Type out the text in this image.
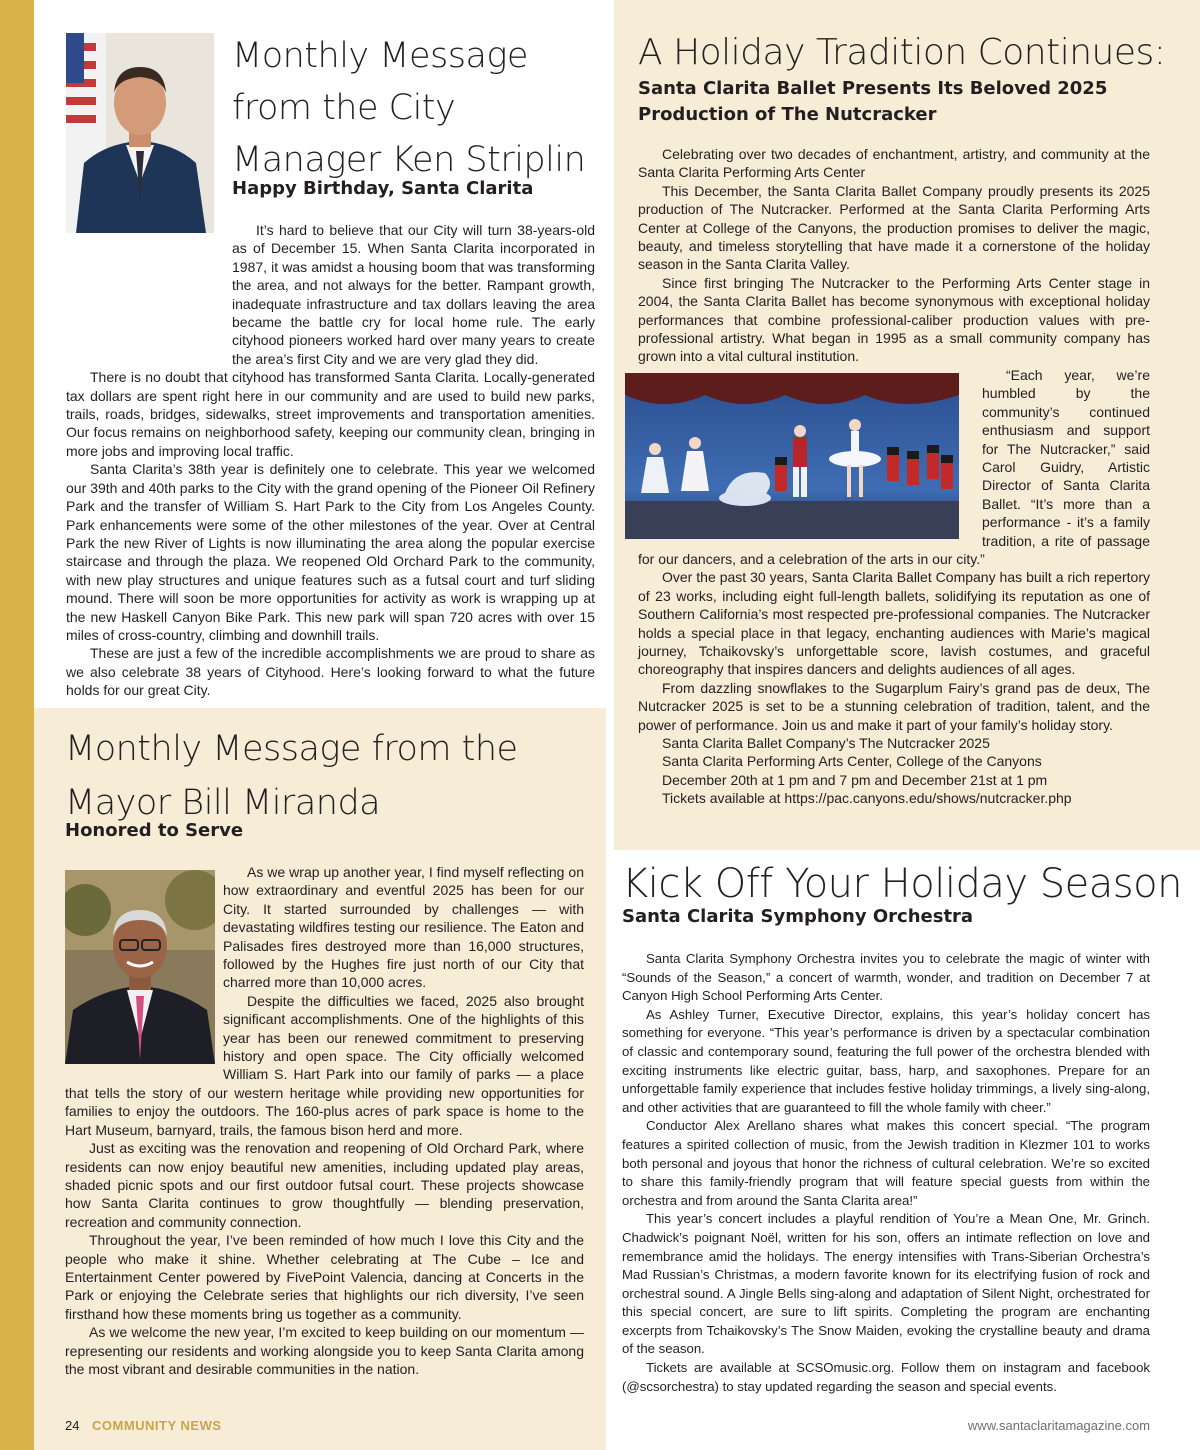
Monthly Message from the City Manager Ken Striplin
Happy Birthday, Santa Clarita

It’s hard to believe that our City will turn 38-years-old as of December 15. When Santa Clarita incorporated in 1987, it was amidst a housing boom that was transforming the area, and not always for the better. Rampant growth, inadequate infrastructure and tax dollars leaving the area became the battle cry for local home rule. The early cityhood pioneers worked hard over many years to create the area’s first City and we are very glad they did.

There is no doubt that cityhood has transformed Santa Clarita. Locally-generated tax dollars are spent right here in our community and are used to build new parks, trails, roads, bridges, sidewalks, street improvements and transportation amenities. Our focus remains on neighborhood safety, keeping our community clean, bringing in more jobs and improving local traffic.

Santa Clarita’s 38th year is definitely one to celebrate. This year we welcomed our 39th and 40th parks to the City with the grand opening of the Pioneer Oil Refinery Park and the transfer of William S. Hart Park to the City from Los Angeles County. Park enhancements were some of the other milestones of the year. Over at Central Park the new River of Lights is now illuminating the area along the popular exercise staircase and through the plaza. We reopened Old Orchard Park to the community, with new play structures and unique features such as a futsal court and turf sliding mound. There will soon be more opportunities for activity as work is wrapping up at the new Haskell Canyon Bike Park. This new park will span 720 acres with over 15 miles of cross-country, climbing and downhill trails.

These are just a few of the incredible accomplishments we are proud to share as we also celebrate 38 years of Cityhood. Here’s looking forward to what the future holds for our great City.

Monthly Message from the Mayor Bill Miranda
Honored to Serve

As we wrap up another year, I find myself reflecting on how extraordinary and eventful 2025 has been for our City. It started surrounded by challenges — with devastating wildfires testing our resilience. The Eaton and Palisades fires destroyed more than 16,000 structures, followed by the Hughes fire just north of our City that charred more than 10,000 acres.

Despite the difficulties we faced, 2025 also brought significant accomplishments. One of the highlights of this year has been our renewed commitment to preserving history and open space. The City officially welcomed William S. Hart Park into our family of parks — a place that tells the story of our western heritage while providing new opportunities for families to enjoy the outdoors. The 160-plus acres of park space is home to the Hart Museum, barnyard, trails, the famous bison herd and more.

Just as exciting was the renovation and reopening of Old Orchard Park, where residents can now enjoy beautiful new amenities, including updated play areas, shaded picnic spots and our first outdoor futsal court. These projects showcase how Santa Clarita continues to grow thoughtfully — blending preservation, recreation and community connection.

Throughout the year, I’ve been reminded of how much I love this City and the people who make it shine. Whether celebrating at The Cube – Ice and Entertainment Center powered by FivePoint Valencia, dancing at Concerts in the Park or enjoying the Celebrate series that highlights our rich diversity, I’ve seen firsthand how these moments bring us together as a community.

As we welcome the new year, I’m excited to keep building on our momentum — representing our residents and working alongside you to keep Santa Clarita among the most vibrant and desirable communities in the nation.

A Holiday Tradition Continues:
Santa Clarita Ballet Presents Its Beloved 2025 Production of The Nutcracker

Celebrating over two decades of enchantment, artistry, and community at the Santa Clarita Performing Arts Center

This December, the Santa Clarita Ballet Company proudly presents its 2025 production of The Nutcracker. Performed at the Santa Clarita Performing Arts Center at College of the Canyons, the production promises to deliver the magic, beauty, and timeless storytelling that have made it a cornerstone of the holiday season in the Santa Clarita Valley.

Since first bringing The Nutcracker to the Performing Arts Center stage in 2004, the Santa Clarita Ballet has become synonymous with exceptional holiday performances that combine professional-caliber production values with pre-professional artistry. What began in 1995 as a small community company has grown into a vital cultural institution.

“Each year, we’re humbled by the community’s continued enthusiasm and support for The Nutcracker,” said Carol Guidry, Artistic Director of Santa Clarita Ballet. “It’s more than a performance - it’s a family tradition, a rite of passage for our dancers, and a celebration of the arts in our city.”

Over the past 30 years, Santa Clarita Ballet Company has built a rich repertory of 23 works, including eight full-length ballets, solidifying its reputation as one of Southern California’s most respected pre-professional companies. The Nutcracker holds a special place in that legacy, enchanting audiences with Marie’s magical journey, Tchaikovsky’s unforgettable score, lavish costumes, and graceful choreography that inspires dancers and delights audiences of all ages.

From dazzling snowflakes to the Sugarplum Fairy’s grand pas de deux, The Nutcracker 2025 is set to be a stunning celebration of tradition, talent, and the power of performance. Join us and make it part of your family’s holiday story.

Santa Clarita Ballet Company’s The Nutcracker 2025

Santa Clarita Performing Arts Center, College of the Canyons

December 20th at 1 pm and 7 pm and December 21st at 1 pm

Tickets available at https://pac.canyons.edu/shows/nutcracker.php

Kick Off Your Holiday Season
Santa Clarita Symphony Orchestra

Santa Clarita Symphony Orchestra invites you to celebrate the magic of winter with “Sounds of the Season,” a concert of warmth, wonder, and tradition on December 7 at Canyon High School Performing Arts Center.

As Ashley Turner, Executive Director, explains, this year’s holiday concert has something for everyone. “This year’s performance is driven by a spectacular combination of classic and contemporary sound, featuring the full power of the orchestra blended with exciting instruments like electric guitar, bass, harp, and saxophones. Prepare for an unforgettable family experience that includes festive holiday trimmings, a lively sing-along, and other activities that are guaranteed to fill the whole family with cheer.”

Conductor Alex Arellano shares what makes this concert special. “The program features a spirited collection of music, from the Jewish tradition in Klezmer 101 to works both personal and joyous that honor the richness of cultural celebration. We’re so excited to share this family-friendly program that will feature special guests from within the orchestra and from around the Santa Clarita area!”

This year’s concert includes a playful rendition of You’re a Mean One, Mr. Grinch. Chadwick’s poignant Noël, written for his son, offers an intimate reflection on love and remembrance amid the holidays. The energy intensifies with Trans-Siberian Orchestra’s Mad Russian’s Christmas, a modern favorite known for its electrifying fusion of rock and orchestral sound. A Jingle Bells sing-along and adaptation of Silent Night, orchestrated for this special concert, are sure to lift spirits. Completing the program are enchanting excerpts from Tchaikovsky’s The Snow Maiden, evoking the crystalline beauty and drama of the season.

Tickets are available at SCSOmusic.org. Follow them on instagram and facebook (@scsorchestra) to stay updated regarding the season and special events.

24 COMMUNITY NEWS	www.santaclaritamagazine.com
